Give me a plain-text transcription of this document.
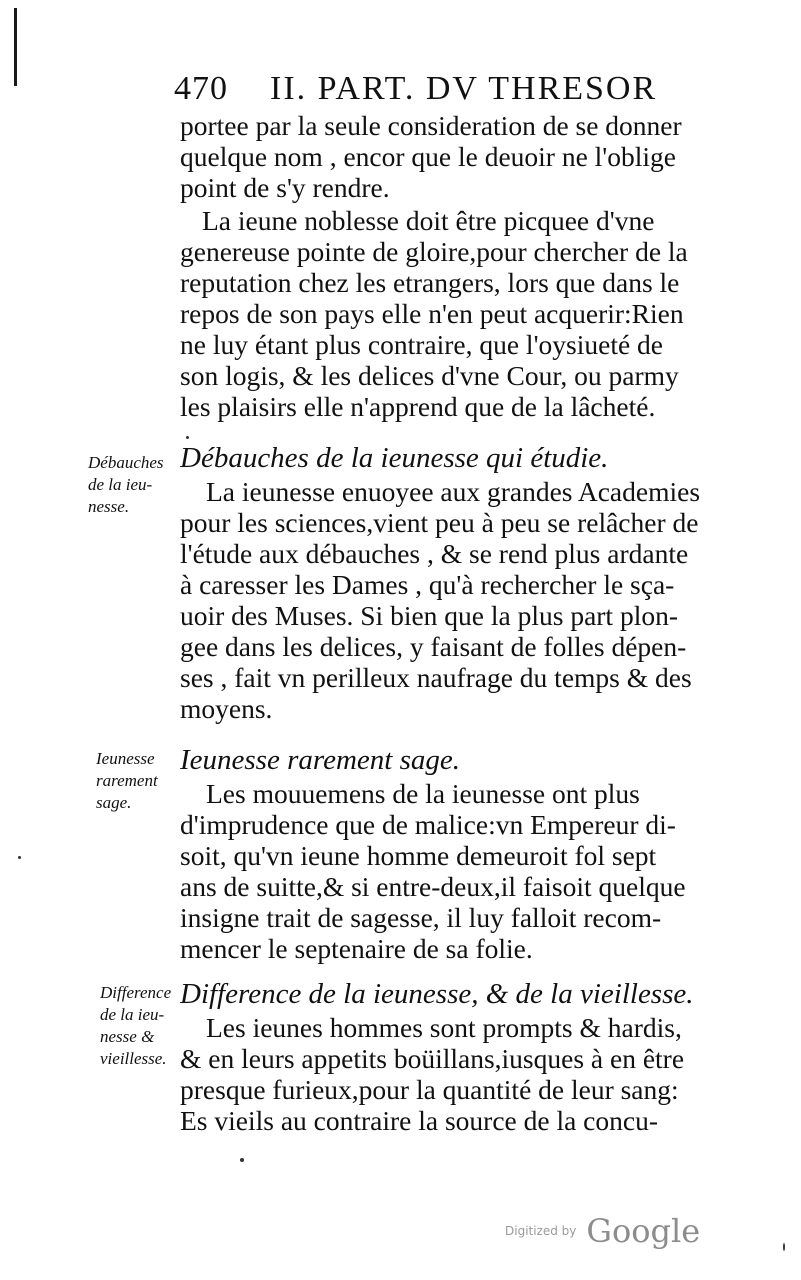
470 II. PART. DV THRESOR
portee par la seule consideration de se donner
quelque nom , encor que le deuoir ne l'oblige
point de s'y rendre.
La ieune noblesse doit être picquee d'vne
genereuse pointe de gloire,pour chercher de la
reputation chez les etrangers, lors que dans le
repos de son pays elle n'en peut acquerir:Rien
ne luy étant plus contraire, que l'oysiueté de
son logis, & les delices d'vne Cour, ou parmy
les plaisirs elle n'apprend que de la lâcheté.
Débauches
de la ieu-
nesse.
Débauches de la ieunesse qui étudie.
La ieunesse enuoyee aux grandes Academies
pour les sciences,vient peu à peu se relâcher de
l'étude aux débauches , & se rend plus ardante
à caresser les Dames , qu'à rechercher le sça-
uoir des Muses. Si bien que la plus part plon-
gee dans les delices, y faisant de folles dépen-
ses , fait vn perilleux naufrage du temps & des
moyens.
Ieunesse
rarement
sage.
Ieunesse rarement sage.
Les mouuemens de la ieunesse ont plus
d'imprudence que de malice:vn Empereur di-
soit, qu'vn ieune homme demeuroit fol sept
ans de suitte,& si entre-deux,il faisoit quelque
insigne trait de sagesse, il luy falloit recom-
mencer le septenaire de sa folie.
Difference
de la ieu-
nesse &
vieillesse.
Difference de la ieunesse, & de la vieillesse.
Les ieunes hommes sont prompts & hardis,
& en leurs appetits boüillans,iusques à en être
presque furieux,pour la quantité de leur sang:
Es vieils au contraire la source de la concu-
Digitized by Google
